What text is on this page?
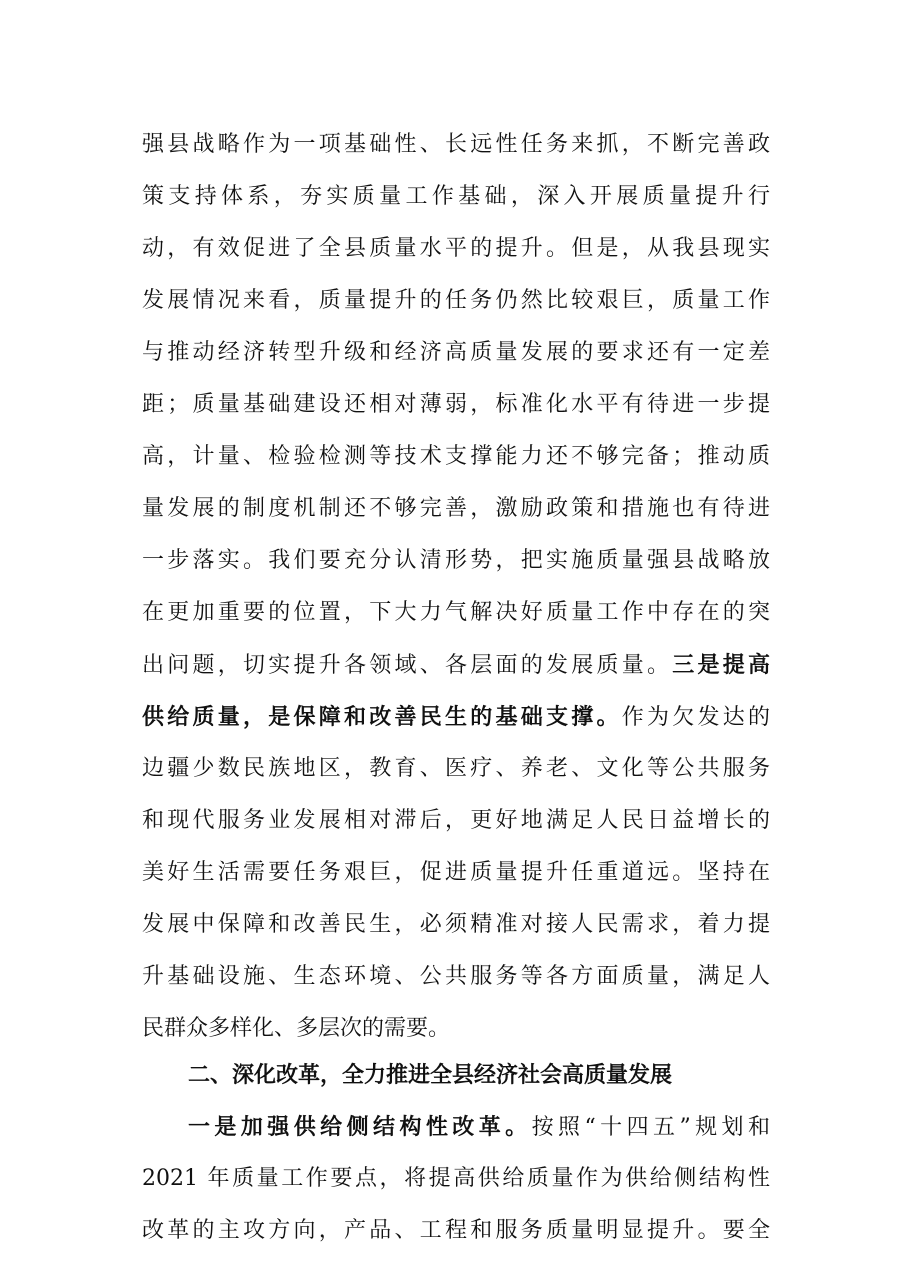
强县战略作为一项基础性、长远性任务来抓，不断完善政
策支持体系，夯实质量工作基础，深入开展质量提升行
动，有效促进了全县质量水平的提升。但是，从我县现实
发展情况来看，质量提升的任务仍然比较艰巨，质量工作
与推动经济转型升级和经济高质量发展的要求还有一定差
距；质量基础建设还相对薄弱，标准化水平有待进一步提
高，计量、检验检测等技术支撑能力还不够完备；推动质
量发展的制度机制还不够完善，激励政策和措施也有待进
一步落实。我们要充分认清形势，把实施质量强县战略放
在更加重要的位置，下大力气解决好质量工作中存在的突
出问题，切实提升各领域、各层面的发展质量。三是提高
供给质量，是保障和改善民生的基础支撑。作为欠发达的
边疆少数民族地区，教育、医疗、养老、文化等公共服务
和现代服务业发展相对滞后，更好地满足人民日益增长的
美好生活需要任务艰巨，促进质量提升任重道远。坚持在
发展中保障和改善民生，必须精准对接人民需求，着力提
升基础设施、生态环境、公共服务等各方面质量，满足人
民群众多样化、多层次的需要。
二、深化改革，全力推进全县经济社会高质量发展
一是加强供给侧结构性改革。按照“十四五”规划和
2021 年质量工作要点，将提高供给质量作为供给侧结构性
改革的主攻方向，产品、工程和服务质量明显提升。要全
